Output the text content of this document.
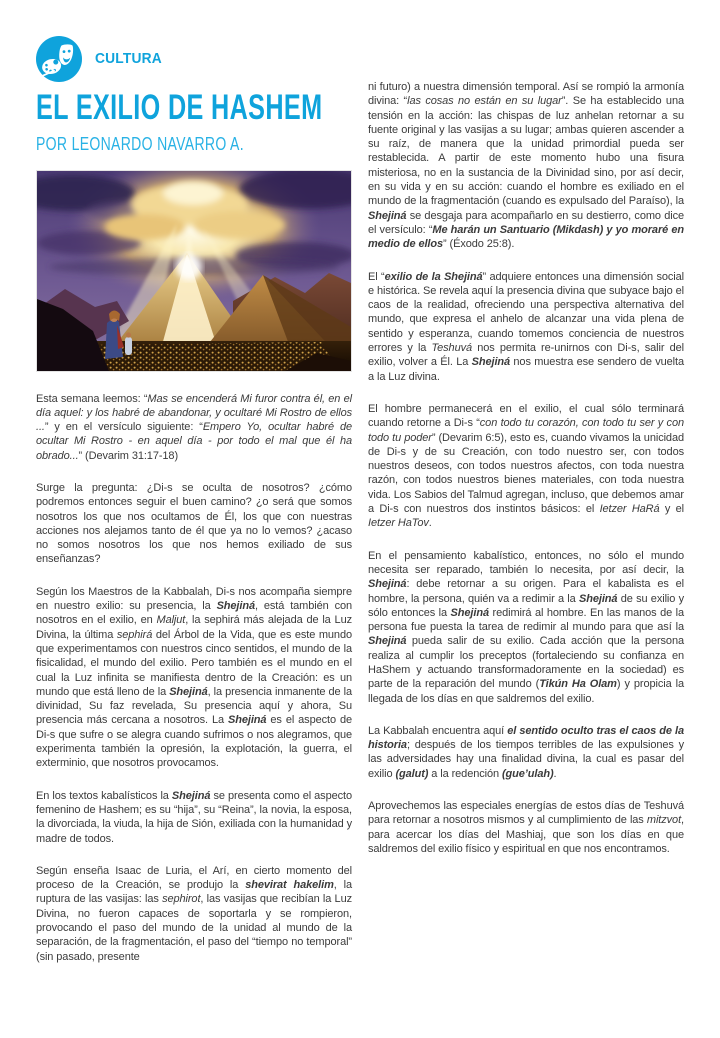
CULTURA
EL EXILIO DE HASHEM
POR LEONARDO NAVARRO A.

Esta semana leemos: “Mas se encenderá Mi furor contra él, en el día aquel: y los habré de abandonar, y ocultaré Mi Rostro de ellos ...” y en el versículo siguiente: “Empero Yo, ocultar habré de ocultar Mi Rostro - en aquel día - por todo el mal que él ha obrado...” (Devarim 31:17-18)

Surge la pregunta: ¿Di-s se oculta de nosotros? ¿cómo podremos entonces seguir el buen camino? ¿o será que somos nosotros los que nos ocultamos de Él, los que con nuestras acciones nos alejamos tanto de él que ya no lo vemos? ¿acaso no somos nosotros los que nos hemos exiliado de sus enseñanzas?

Según los Maestros de la Kabbalah, Di-s nos acompaña siempre en nuestro exilio: su presencia, la Shejiná, está también con nosotros en el exilio, en Maljut, la sephirá más alejada de la Luz Divina, la última sephirá del Árbol de la Vida, que es este mundo que experimentamos con nuestros cinco sentidos, el mundo de la fisicalidad, el mundo del exilio. Pero también es el mundo en el cual la Luz infinita se manifiesta dentro de la Creación: es un mundo que está lleno de la Shejiná, la presencia inmanente de la divinidad, Su faz revelada, Su presencia aquí y ahora, Su presencia más cercana a nosotros. La Shejiná es el aspecto de Di-s que sufre o se alegra cuando sufrimos o nos alegramos, que experimenta también la opresión, la explotación, la guerra, el exterminio, que nosotros provocamos.

En los textos kabalísticos la Shejiná se presenta como el aspecto femenino de Hashem; es su “hija”, su “Reina”, la novia, la esposa, la divorciada, la viuda, la hija de Sión, exiliada con la humanidad y madre de todos.

Según enseña Isaac de Luria, el Arí, en cierto momento del proceso de la Creación, se produjo la shevirat hakelim, la ruptura de las vasijas: las sephirot, las vasijas que recibían la Luz Divina, no fueron capaces de soportarla y se rompieron, provocando el paso del mundo de la unidad al mundo de la separación, de la fragmentación, el paso del “tiempo no temporal” (sin pasado, presente

ni futuro) a nuestra dimensión temporal. Así se rompió la armonía divina: “las cosas no están en su lugar”. Se ha establecido una tensión en la acción: las chispas de luz anhelan retornar a su fuente original y las vasijas a su lugar; ambas quieren ascender a su raíz, de manera que la unidad primordial pueda ser restablecida. A partir de este momento hubo una fisura misteriosa, no en la sustancia de la Divinidad sino, por así decir, en su vida y en su acción: cuando el hombre es exiliado en el mundo de la fragmentación (cuando es expulsado del Paraíso), la Shejiná se desgaja para acompañarlo en su destierro, como dice el versículo: “Me harán un Santuario (Mikdash) y yo moraré en medio de ellos” (Éxodo 25:8).

El “exilio de la Shejiná” adquiere entonces una dimensión social e histórica. Se revela aquí la presencia divina que subyace bajo el caos de la realidad, ofreciendo una perspectiva alternativa del mundo, que expresa el anhelo de alcanzar una vida plena de sentido y esperanza, cuando tomemos conciencia de nuestros errores y la Teshuvá nos permita re-unirnos con Di-s, salir del exilio, volver a Él. La Shejiná nos muestra ese sendero de vuelta a la Luz divina.

El hombre permanecerá en el exilio, el cual sólo terminará cuando retorne a Di-s “con todo tu corazón, con todo tu ser y con todo tu poder” (Devarim 6:5), esto es, cuando vivamos la unicidad de Di-s y de su Creación, con todo nuestro ser, con todos nuestros deseos, con todos nuestros afectos, con toda nuestra razón, con todos nuestros bienes materiales, con toda nuestra vida. Los Sabios del Talmud agregan, incluso, que debemos amar a Di-s con nuestros dos instintos básicos: el Ietzer HaRá y el Ietzer HaTov.

En el pensamiento kabalístico, entonces, no sólo el mundo necesita ser reparado, también lo necesita, por así decir, la Shejiná: debe retornar a su origen. Para el kabalista es el hombre, la persona, quién va a redimir a la Shejiná de su exilio y sólo entonces la Shejiná redimirá al hombre. En las manos de la persona fue puesta la tarea de redimir al mundo para que así la Shejiná pueda salir de su exilio. Cada acción que la persona realiza al cumplir los preceptos (fortaleciendo su confianza en HaShem y actuando transformadoramente en la sociedad) es parte de la reparación del mundo (Tikún Ha Olam) y propicia la llegada de los días en que saldremos del exilio.

La Kabbalah encuentra aquí el sentido oculto tras el caos de la historia; después de los tiempos terribles de las expulsiones y las adversidades hay una finalidad divina, la cual es pasar del exilio (galut) a la redención (gue’ulah).

Aprovechemos las especiales energías de estos días de Teshuvá para retornar a nosotros mismos y al cumplimiento de las mitzvot, para acercar los días del Mashiaj, que son los días en que saldremos del exilio físico y espiritual en que nos encontramos.
